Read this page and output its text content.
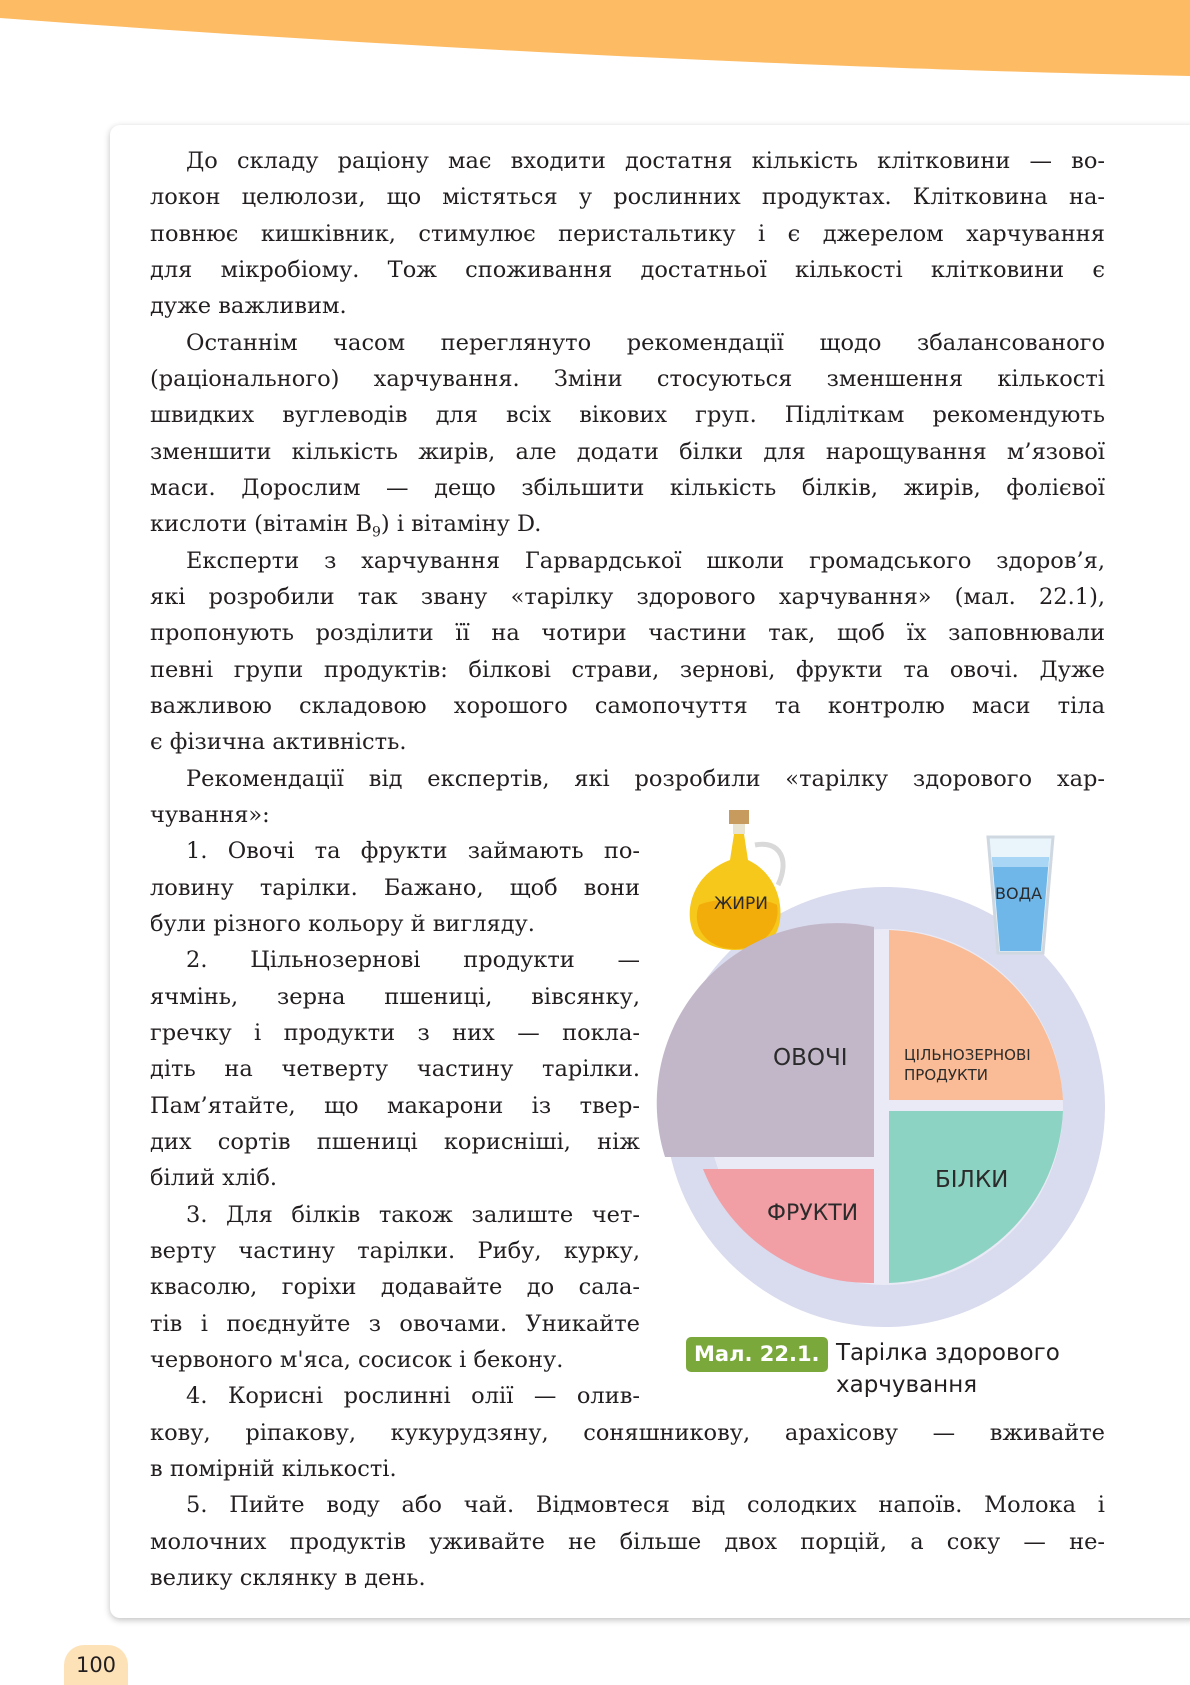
До складу раціону має входити достатня кількість клітковини — во-

локон целюлози, що містяться у рослинних продуктах. Клітковина на-

повнює кишківник, стимулює перистальтику і є джерелом харчування

для мікробіому. Тож споживання достатньої кількості клітковини є

дуже важливим.

Останнім часом переглянуто рекомендації щодо збалансованого

(раціонального) харчування. Зміни стосуються зменшення кількості

швидких вуглеводів для всіх вікових груп. Підліткам рекомендують

зменшити кількість жирів, але додати білки для нарощування м’язової

маси. Дорослим — дещо збільшити кількість білків, жирів, фолієвої

кислоти (вітамін $B_9$) і вітаміну D.

Експерти з харчування Гарвардської школи громадського здоров’я,

які розробили так звану «тарілку здорового харчування» (мал. 22.1),

пропонують розділити її на чотири частини так, щоб їх заповнювали

певні групи продуктів: білкові страви, зернові, фрукти та овочі. Дуже

важливою складовою хорошого самопочуття та контролю маси тіла

є фізична активність.

Рекомендації від експертів, які розробили «тарілку здорового хар-

чування»:

1. Овочі та фрукти займають по-

ловину тарілки. Бажано, щоб вони

були різного кольору й вигляду.

2. Цільнозернові продукти —

ячмінь, зерна пшениці, вівсянку,

гречку і продукти з них — покла-

діть на четверту частину тарілки.

Пам’ятайте, що макарони із твер-

дих сортів пшениці корисніші, ніж

білий хліб.

3. Для білків також залиште чет-

верту частину тарілки. Рибу, курку,

квасолю, горіхи додавайте до сала-

тів і поєднуйте з овочами. Уникайте

червоного м'яса, сосисок і бекону.

4. Корисні рослинні олії — олив-

кову, ріпакову, кукурудзяну, соняшникову, арахісову — вживайте

в помірній кількості.

5. Пийте воду або чай. Відмовтеся від солодких напоїв. Молока і

молочних продуктів уживайте не більше двох порцій, а соку — не-

велику склянку в день.

ЖИРИ
ВОДА
ОВОЧІ	ЦІЛЬНОЗЕРНОВІ
ПРОДУКТИ
ФРУКТИ
БІЛКИ
Мал. 22.1. Тарілка здорового харчування
100
